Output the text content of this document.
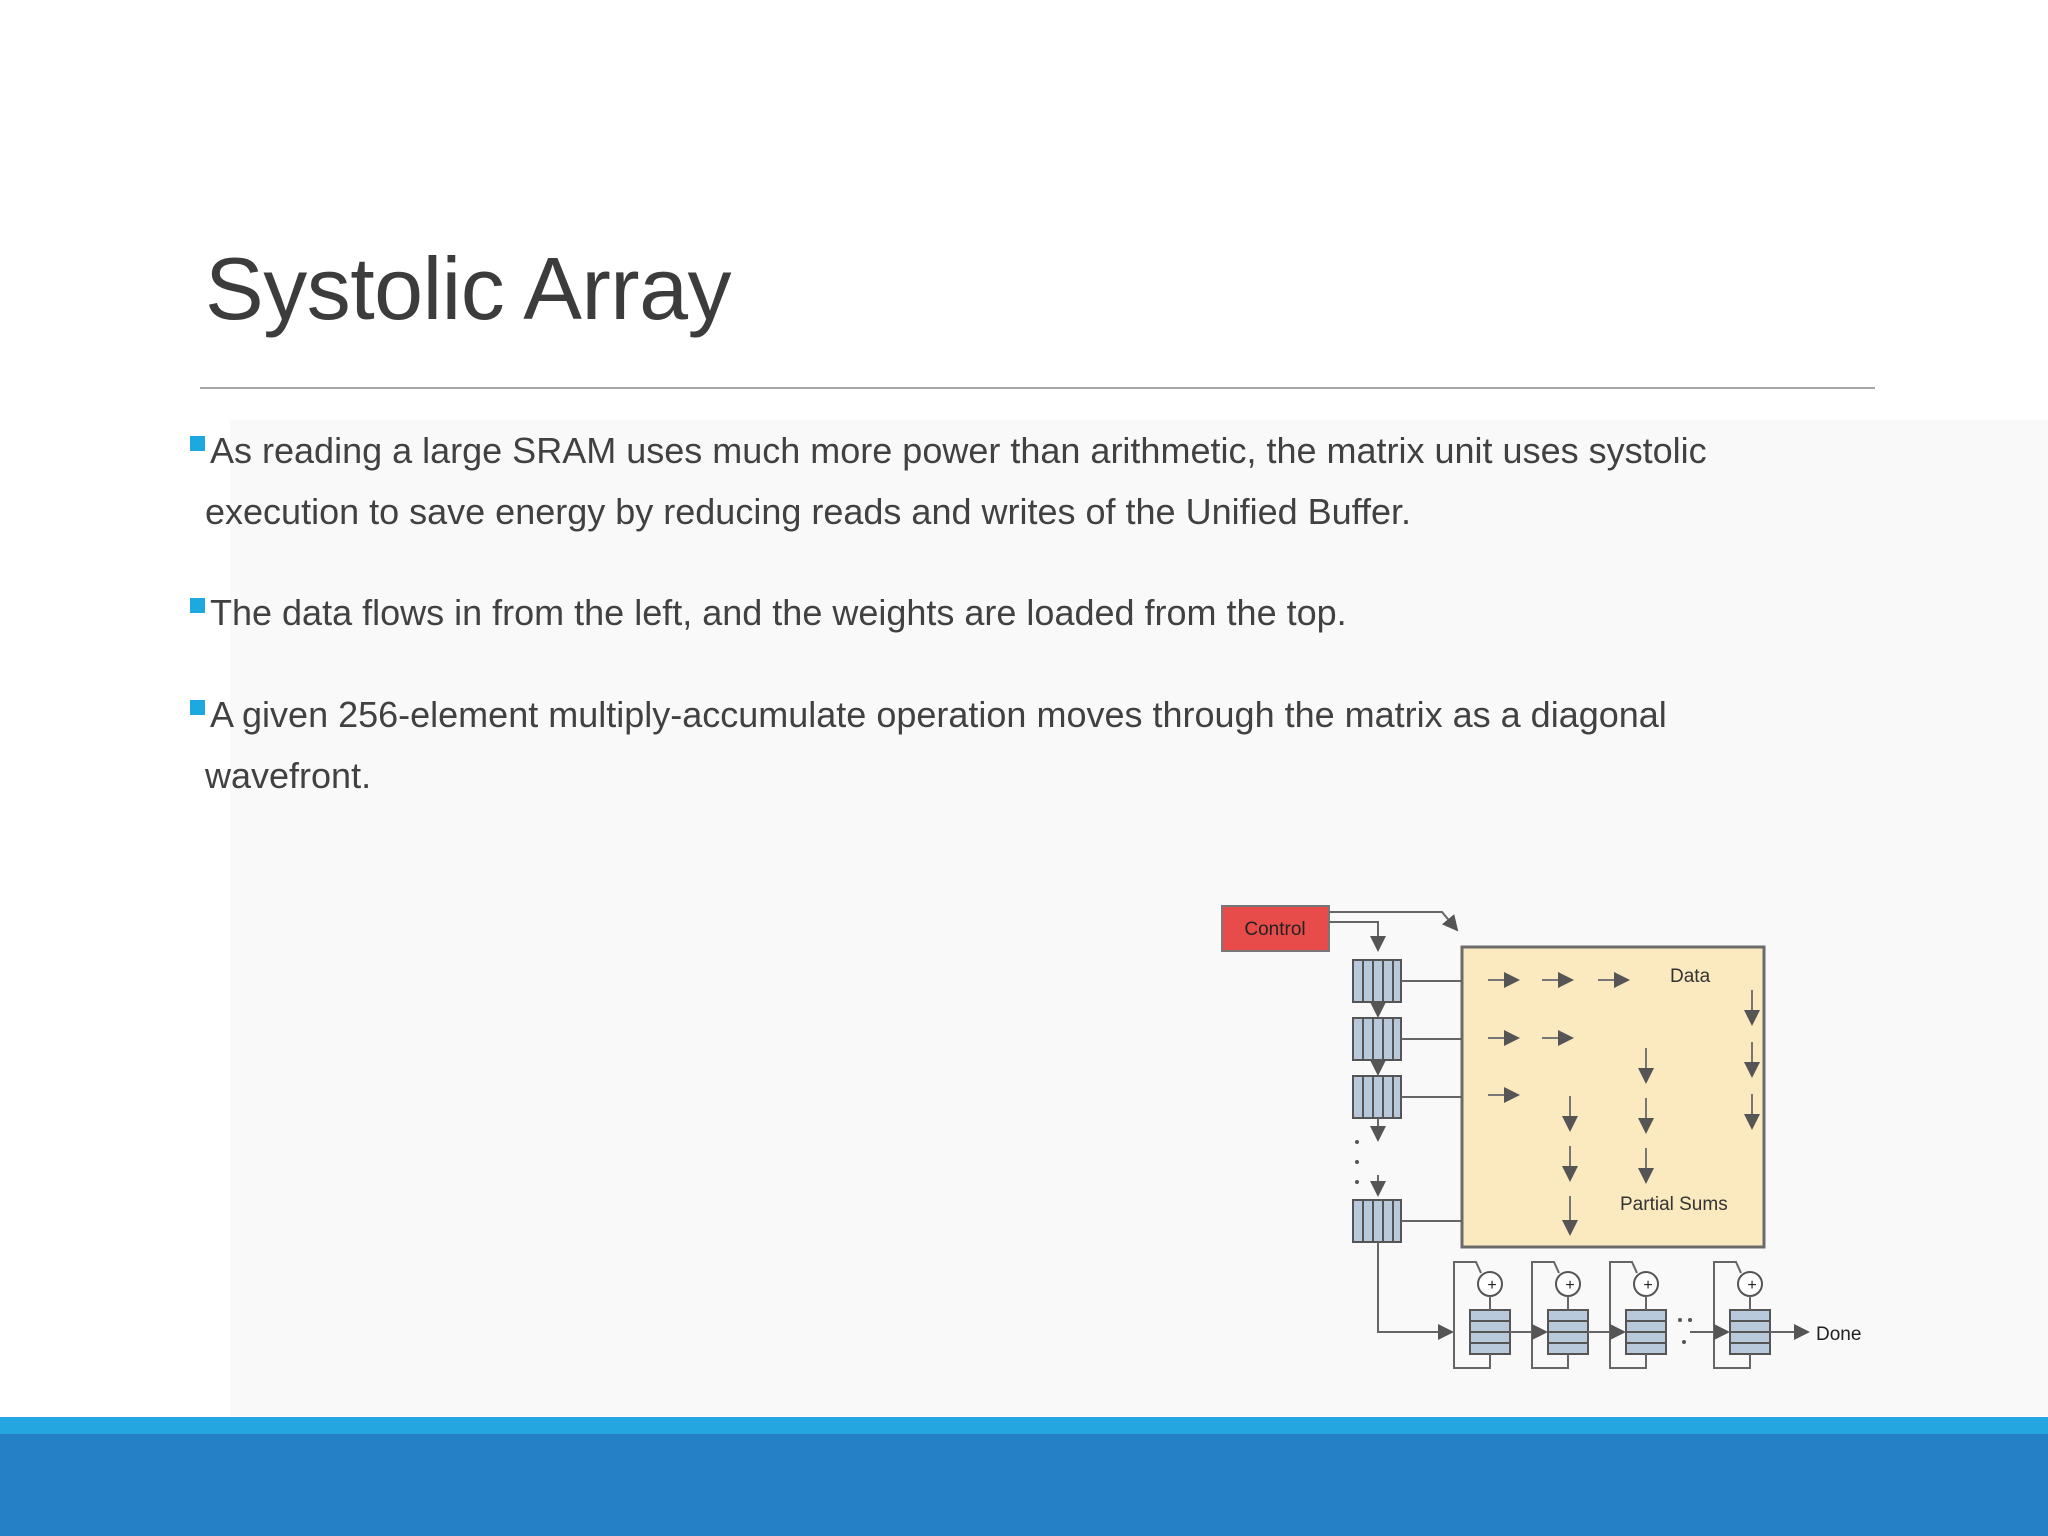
Systolic Array
As reading a large SRAM uses much more power than arithmetic, the matrix unit uses systolic
execution to save energy by reducing reads and writes of the Unified Buffer.
The data flows in from the left, and the weights are loaded from the top.
A given 256-element multiply-accumulate operation moves through the matrix as a diagonal
wavefront.
Control
Data
Partial Sums
+	+	+	+
Done
